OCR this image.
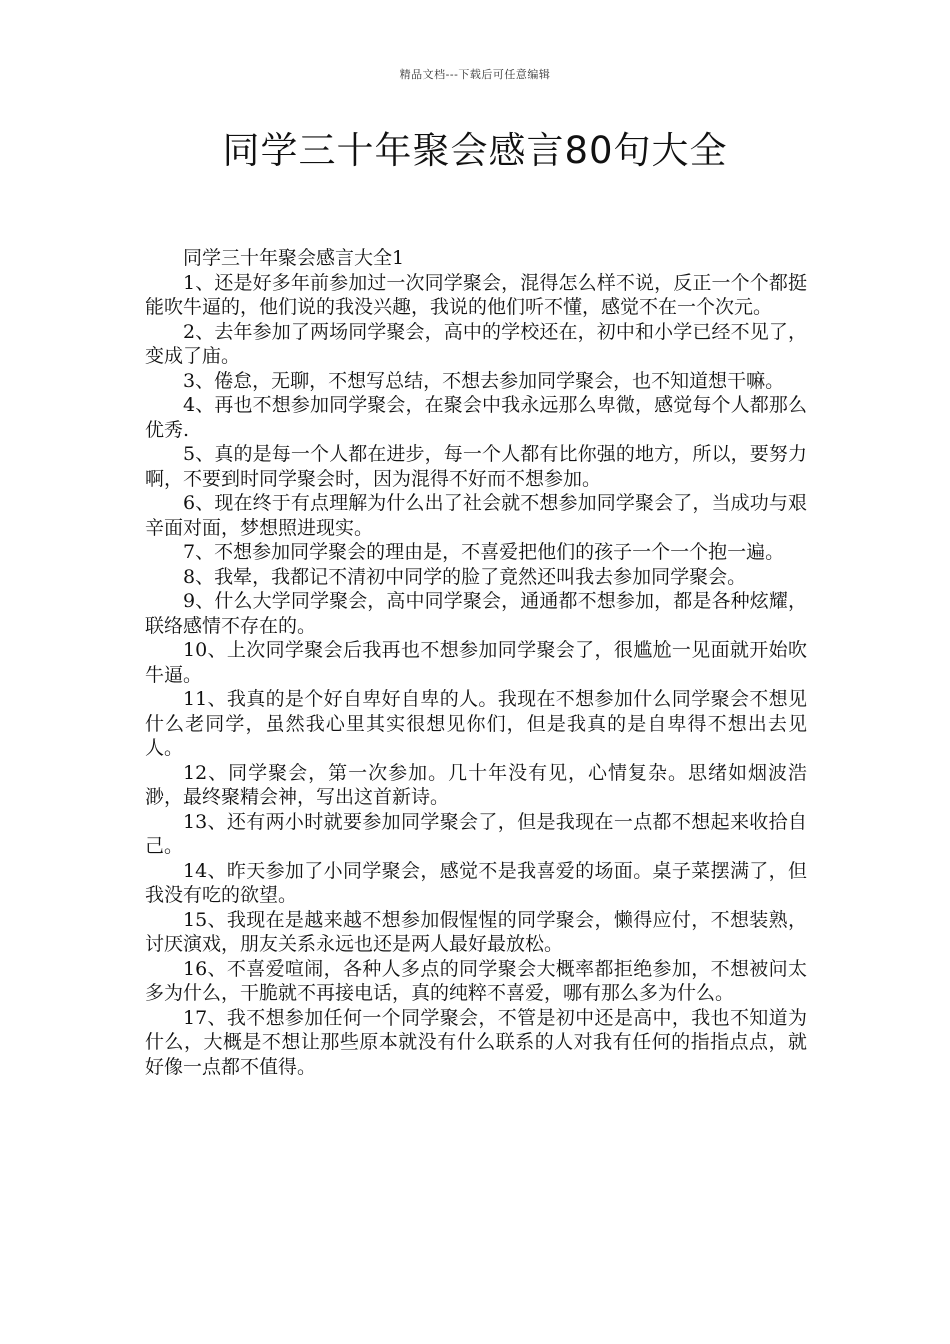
精品文档---下载后可任意编辑
同学三十年聚会感言80句大全

同学三十年聚会感言大全1

1、还是好多年前参加过一次同学聚会，混得怎么样不说，反正一个个都挺能吹牛逼的，他们说的我没兴趣，我说的他们听不懂，感觉不在一个次元。

2、去年参加了两场同学聚会，高中的学校还在，初中和小学已经不见了，变成了庙。

3、倦怠，无聊，不想写总结，不想去参加同学聚会，也不知道想干嘛。

4、再也不想参加同学聚会，在聚会中我永远那么卑微，感觉每个人都那么优秀.

5、真的是每一个人都在进步，每一个人都有比你强的地方，所以，要努力啊，不要到时同学聚会时，因为混得不好而不想参加。

6、现在终于有点理解为什么出了社会就不想参加同学聚会了，当成功与艰辛面对面，梦想照进现实。

7、不想参加同学聚会的理由是，不喜爱把他们的孩子一个一个抱一遍。

8、我晕，我都记不清初中同学的脸了竟然还叫我去参加同学聚会。

9、什么大学同学聚会，高中同学聚会，通通都不想参加，都是各种炫耀，联络感情不存在的。

10、上次同学聚会后我再也不想参加同学聚会了，很尴尬一见面就开始吹牛逼。

11、我真的是个好自卑好自卑的人。我现在不想参加什么同学聚会不想见什么老同学，虽然我心里其实很想见你们，但是我真的是自卑得不想出去见人。

12、同学聚会，第一次参加。几十年没有见，心情复杂。思绪如烟波浩渺，最终聚精会神，写出这首新诗。

13、还有两小时就要参加同学聚会了，但是我现在一点都不想起来收拾自己。

14、昨天参加了小同学聚会，感觉不是我喜爱的场面。桌子菜摆满了，但我没有吃的欲望。

15、我现在是越来越不想参加假惺惺的同学聚会，懒得应付，不想装熟，讨厌演戏，朋友关系永远也还是两人最好最放松。

16、不喜爱喧闹，各种人多点的同学聚会大概率都拒绝参加，不想被问太多为什么，干脆就不再接电话，真的纯粹不喜爱，哪有那么多为什么。

17、我不想参加任何一个同学聚会，不管是初中还是高中，我也不知道为什么，大概是不想让那些原本就没有什么联系的人对我有任何的指指点点，就好像一点都不值得。
